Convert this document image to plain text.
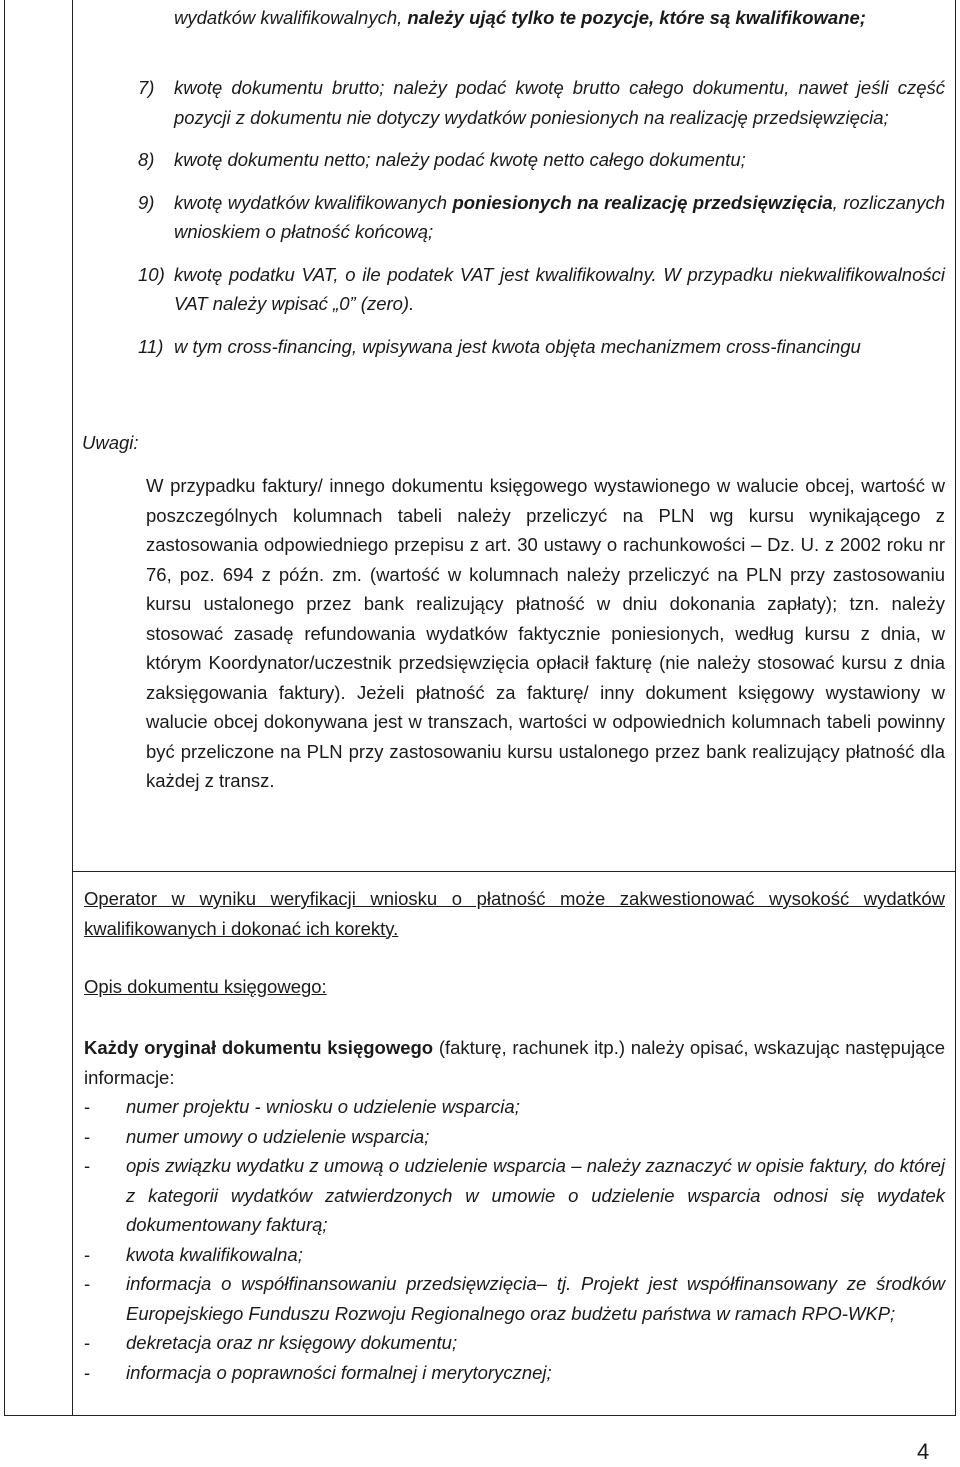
Uwagi:

wydatków kwalifikowalnych, należy ująć tylko te pozycje, które są kwalifikowane;

7) kwotę dokumentu brutto; należy podać kwotę brutto całego dokumentu, nawet jeśli część pozycji z dokumentu nie dotyczy wydatków poniesionych na realizację przedsięwzięcia;
8) kwotę dokumentu netto; należy podać kwotę netto całego dokumentu;
9) kwotę wydatków kwalifikowanych poniesionych na realizację przedsięwzięcia, rozliczanych wnioskiem o płatność końcową;
10) kwotę podatku VAT, o ile podatek VAT jest kwalifikowalny. W przypadku niekwalifikowalności VAT należy wpisać „0” (zero).
11) w tym cross-financing, wpisywana jest kwota objęta mechanizmem cross-financingu

W przypadku faktury/ innego dokumentu księgowego wystawionego w walucie obcej, wartość w poszczególnych kolumnach tabeli należy przeliczyć na PLN wg kursu wynikającego z zastosowania odpowiedniego przepisu z art. 30 ustawy o rachunkowości – Dz. U. z 2002 roku nr 76, poz. 694 z późn. zm. (wartość w kolumnach należy przeliczyć na PLN przy zastosowaniu kursu ustalonego przez bank realizujący płatność w dniu dokonania zapłaty); tzn. należy stosować zasadę refundowania wydatków faktycznie poniesionych, według kursu z dnia, w którym Koordynator/uczestnik przedsięwzięcia opłacił fakturę (nie należy stosować kursu z dnia zaksięgowania faktury). Jeżeli płatność za fakturę/ inny dokument księgowy wystawiony w walucie obcej dokonywana jest w transzach, wartości w odpowiednich kolumnach tabeli powinny być przeliczone na PLN przy zastosowaniu kursu ustalonego przez bank realizujący płatność dla każdej z transz.

Operator w wyniku weryfikacji wniosku o płatność może zakwestionować wysokość wydatków kwalifikowanych i dokonać ich korekty.

Opis dokumentu księgowego:

Każdy oryginał dokumentu księgowego (fakturę, rachunek itp.) należy opisać, wskazując następujące informacje:

‐ numer projektu - wniosku o udzielenie wsparcia;
‐ numer umowy o udzielenie wsparcia;
‐ opis związku wydatku z umową o udzielenie wsparcia – należy zaznaczyć w opisie faktury, do której z kategorii wydatków zatwierdzonych w umowie o udzielenie wsparcia odnosi się wydatek dokumentowany fakturą;
‐ kwota kwalifikowalna;
‐ informacja o współfinansowaniu przedsięwzięcia– tj. Projekt jest współfinansowany ze środków Europejskiego Funduszu Rozwoju Regionalnego oraz budżetu państwa w ramach RPO-WKP;
‐ dekretacja oraz nr księgowy dokumentu;
‐ informacja o poprawności formalnej i merytorycznej;

4
